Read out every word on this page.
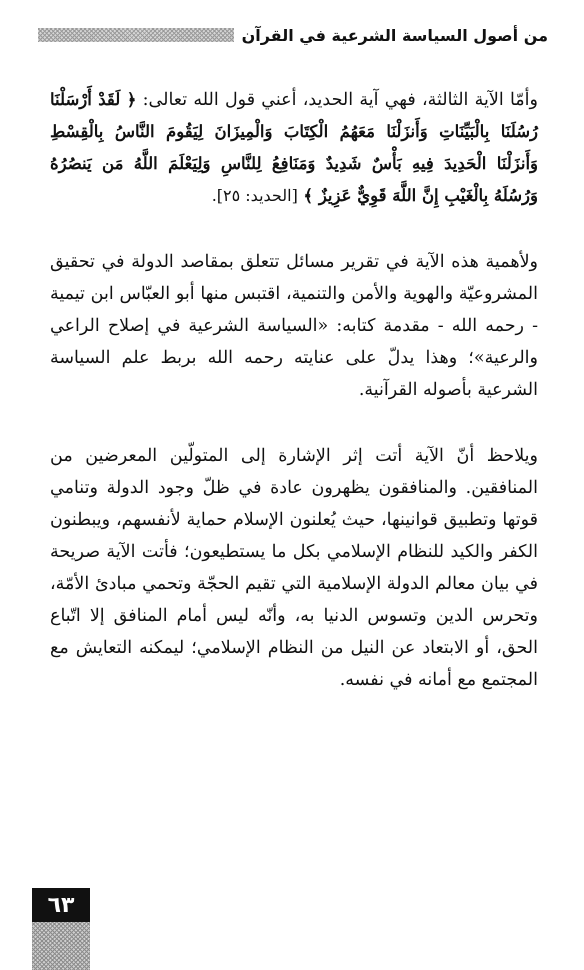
من أصول السياسة الشرعية في القرآن

وأمّا الآية الثالثة، فهي آية الحديد، أعني قول الله تعالى: ﴿ لَقَدْ أَرْسَلْنَا رُسُلَنَا بِالْبَيِّنَاتِ وَأَنزَلْنَا مَعَهُمُ الْكِتَابَ وَالْمِيزَانَ لِيَقُومَ النَّاسُ بِالْقِسْطِ وَأَنزَلْنَا الْحَدِيدَ فِيهِ بَأْسٌ شَدِيدٌ وَمَنَافِعُ لِلنَّاسِ وَلِيَعْلَمَ اللَّهُ مَن يَنصُرُهُ وَرُسُلَهُ بِالْغَيْبِ إِنَّ اللَّهَ قَوِيٌّ عَزِيزٌ ﴾ [الحديد: ٢٥].

ولأهمية هذه الآية في تقرير مسائل تتعلق بمقاصد الدولة في تحقيق المشروعيّة والهوية والأمن والتنمية، اقتبس منها أبو العبّاس ابن تيمية - رحمه الله - مقدمة كتابه: «السياسة الشرعية في إصلاح الراعي والرعية»؛ وهذا يدلّ على عنايته رحمه الله بربط علم السياسة الشرعية بأصوله القرآنية.

ويلاحظ أنّ الآية أتت إثر الإشارة إلى المتولّين المعرضين من المنافقين. والمنافقون يظهرون عادة في ظلّ وجود الدولة وتنامي قوتها وتطبيق قوانينها، حيث يُعلنون الإسلام حماية لأنفسهم، ويبطنون الكفر والكيد للنظام الإسلامي بكل ما يستطيعون؛ فأتت الآية صريحة في بيان معالم الدولة الإسلامية التي تقيم الحجّة وتحمي مبادئ الأمّة، وتحرس الدين وتسوس الدنيا به، وأنّه ليس أمام المنافق إلا اتّباع الحق، أو الابتعاد عن النيل من النظام الإسلامي؛ ليمكنه التعايش مع المجتمع مع أمانه في نفسه.

٦٣
